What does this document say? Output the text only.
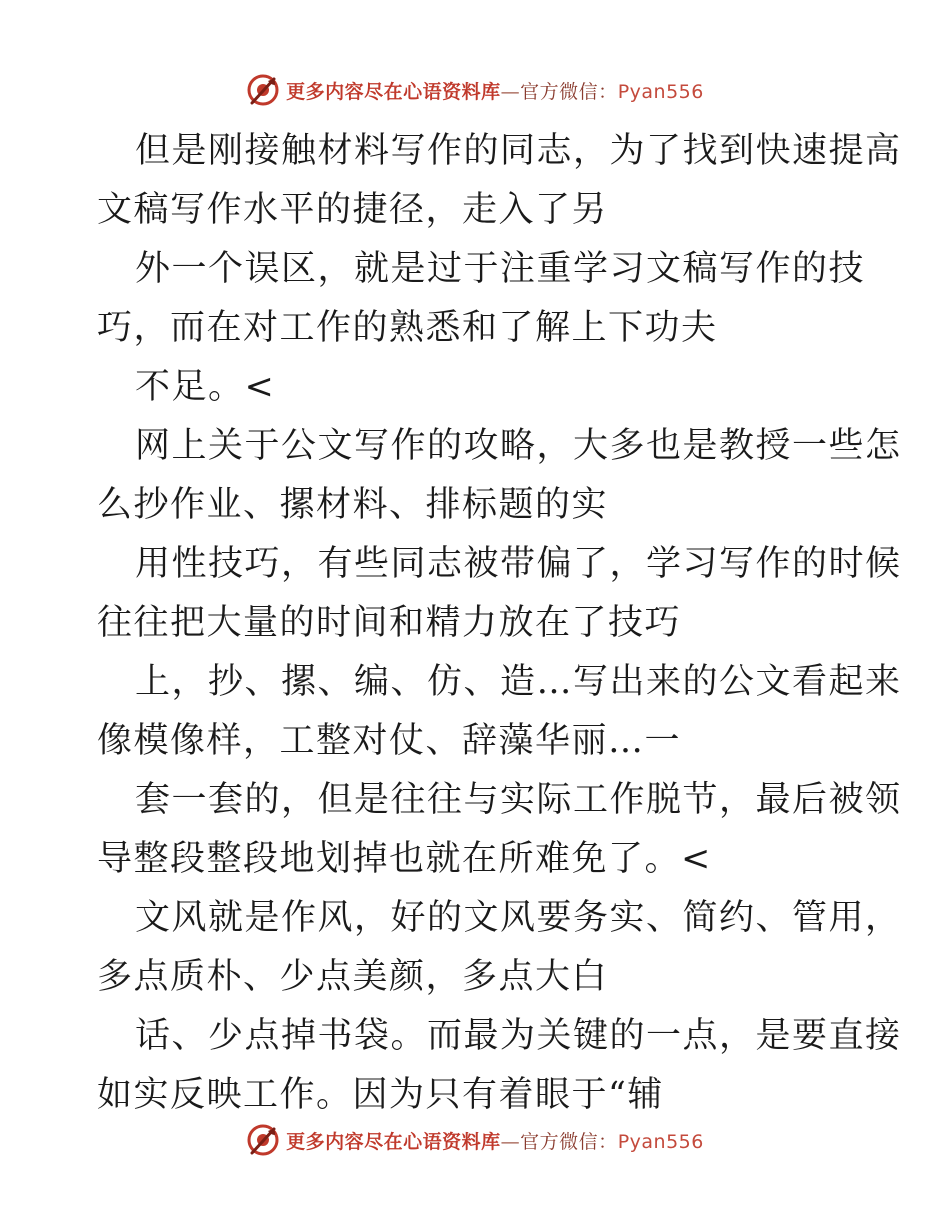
更多内容尽在心语资料库—官方微信：Pyan556

但是刚接触材料写作的同志，为了找到快速提高

文稿写作水平的捷径，走入了另

外一个误区，就是过于注重学习文稿写作的技

巧，而在对工作的熟悉和了解上下功夫

不足。<

网上关于公文写作的攻略，大多也是教授一些怎

么抄作业、摞材料、排标题的实

用性技巧，有些同志被带偏了，学习写作的时候

往往把大量的时间和精力放在了技巧

上，抄、摞、编、仿、造…写出来的公文看起来

像模像样，工整对仗、辞藻华丽…一

套一套的，但是往往与实际工作脱节，最后被领

导整段整段地划掉也就在所难免了。<

文风就是作风，好的文风要务实、简约、管用，

多点质朴、少点美颜，多点大白

话、少点掉书袋。而最为关键的一点，是要直接

如实反映工作。因为只有着眼于“辅

更多内容尽在心语资料库—官方微信：Pyan556
